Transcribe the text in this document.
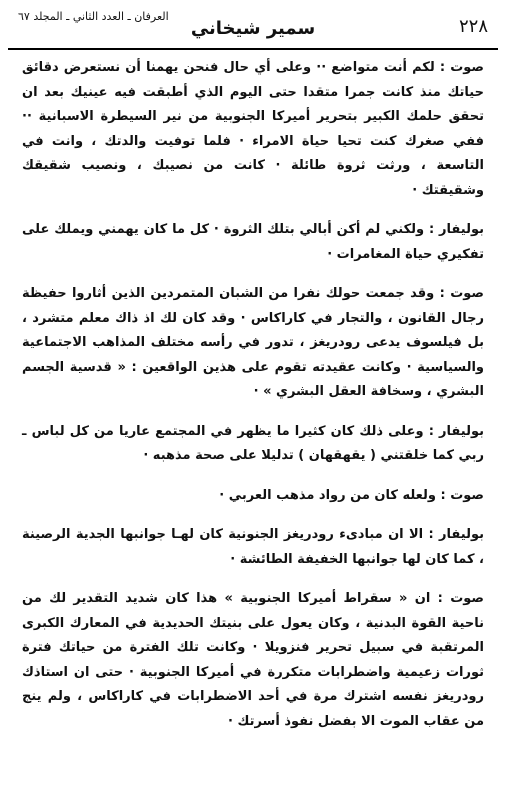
العرفان ـ العدد الثاني ـ المجلد ٦٧
سمير شيخاني	٢٢٨

صوت : لكم أنت متواضع ·· وعلى أي حال فنحن يهمنا أن نستعرض دقائق حياتك منذ كانت جمرا متقدا حتى اليوم الذي أطبقت فيه عينيك بعد ان تحقق حلمك الكبير بتحرير أميركا الجنوبية من نير السيطرة الاسبانية ·· ففي صغرك كنت تحيا حياة الامراء · فلما توفيت والدتك ، وانت في التاسعة ، ورثت ثروة طائلة · كانت من نصيبك ، ونصيب شقيقك وشقيقتك ·

بوليفار : ولكني لم أكن أبالي بتلك الثروة · كل ما كان يهمني ويملك على تفكيري حياة المغامرات ·

صوت : وقد جمعت حولك نفرا من الشبان المتمردين الذين أثاروا حفيظة رجال القانون ، والتجار في كاراكاس · وقد كان لك اذ ذاك معلم متشرد ، بل فيلسوف يدعى رودريغز ، تدور في رأسه مختلف المذاهب الاجتماعية والسياسية · وكانت عقيدته تقوم على هذين الواقعين : « قدسية الجسم البشري ، وسخافة العقل البشري » ·

بوليفار : وعلى ذلك كان كثيرا ما يظهر في المجتمع عاريا من كل لباس ـ ربي كما خلقتني ( يقهقهان ) تدليلا على صحة مذهبه ·

صوت : ولعله كان من رواد مذهب العربي ·

بوليفار : الا ان مبادىء رودريغز الجنونية كان لهـا جوانبها الجدية الرصينة ، كما كان لها جوانبها الخفيفة الطائشة ·

صوت : ان « سقراط أميركا الجنوبية » هذا كان شديد التقدير لك من ناحية القوة البدنية ، وكان يعول على بنيتك الحديدية في المعارك الكبرى المرتقبة في سبيل تحرير فنزويلا · وكانت تلك الفترة من حياتك فترة ثورات زعيمية واضطرابات متكررة في أميركا الجنوبية · حتى ان استاذك رودريغز نفسه اشترك مرة في أحد الاضطرابات في كاراكاس ، ولم ينج من عقاب الموت الا بفضل نفوذ أسرتك ·
